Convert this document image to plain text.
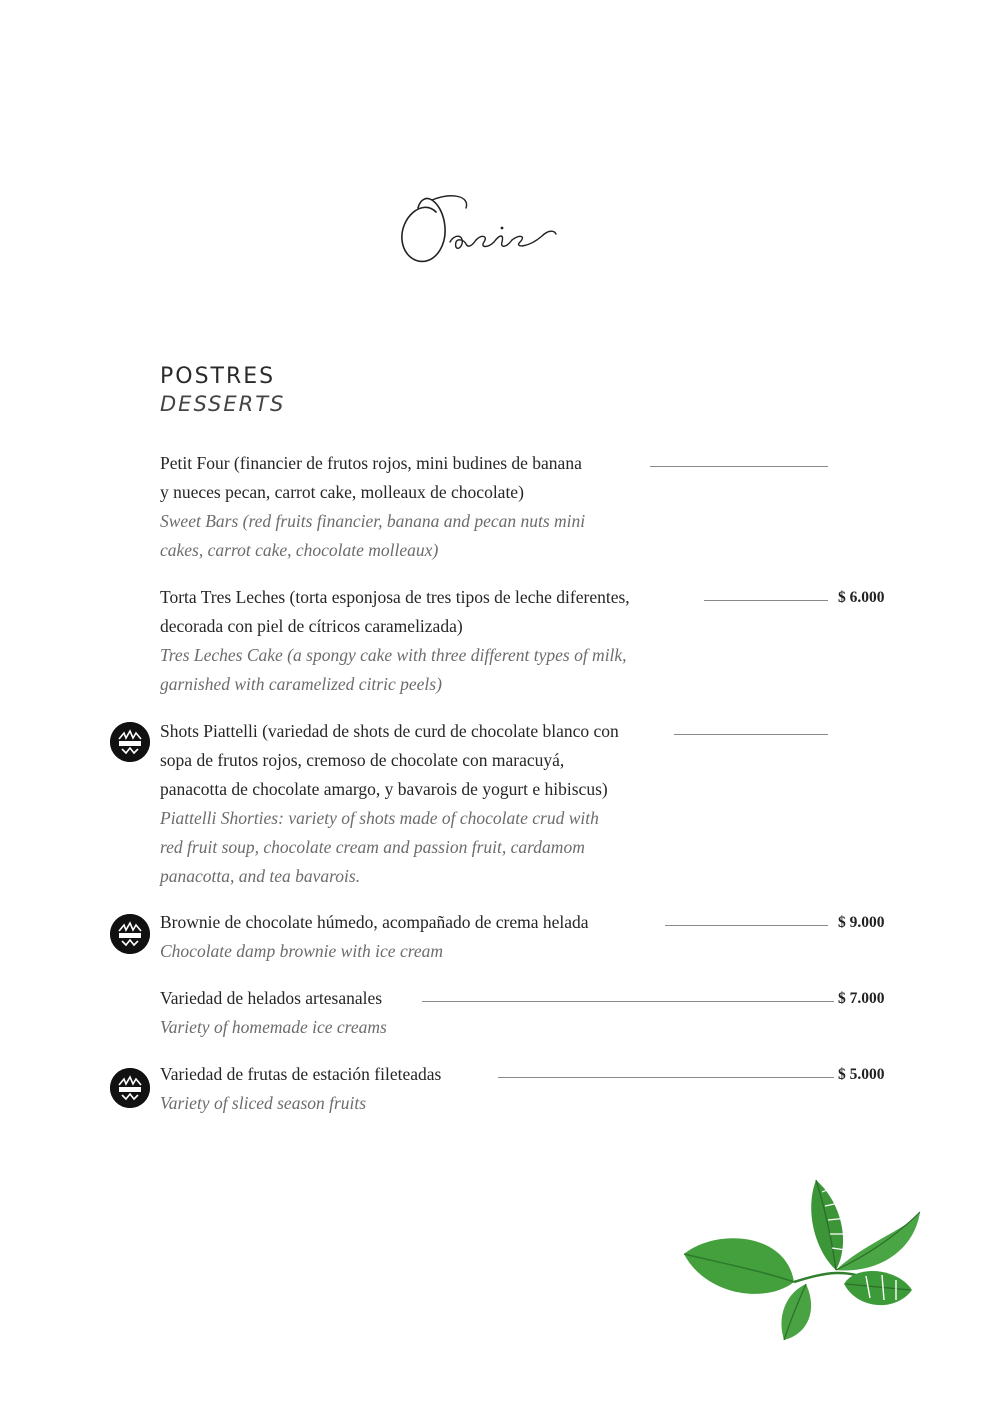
POSTRES
DESSERTS
Petit Four (financier de frutos rojos, mini budines de banana
y nueces pecan, carrot cake, molleaux de chocolate)
Sweet Bars (red fruits financier, banana and pecan nuts mini
cakes, carrot cake, chocolate molleaux)
Torta Tres Leches (torta esponjosa de tres tipos de leche diferentes,	$ 6.000
decorada con piel de cítricos caramelizada)
Tres Leches Cake (a spongy cake with three different types of milk,
garnished with caramelized citric peels)
Shots Piattelli (variedad de shots de curd de chocolate blanco con
sopa de frutos rojos, cremoso de chocolate con maracuyá,
panacotta de chocolate amargo, y bavarois de yogurt e hibiscus)
Piattelli Shorties: variety of shots made of chocolate crud with
red fruit soup, chocolate cream and passion fruit, cardamom
panacotta, and tea bavarois.
Brownie de chocolate húmedo, acompañado de crema helada	$ 9.000
Chocolate damp brownie with ice cream
Variedad de helados artesanales	$ 7.000
Variety of homemade ice creams
Variedad de frutas de estación fileteadas	$ 5.000
Variety of sliced season fruits
